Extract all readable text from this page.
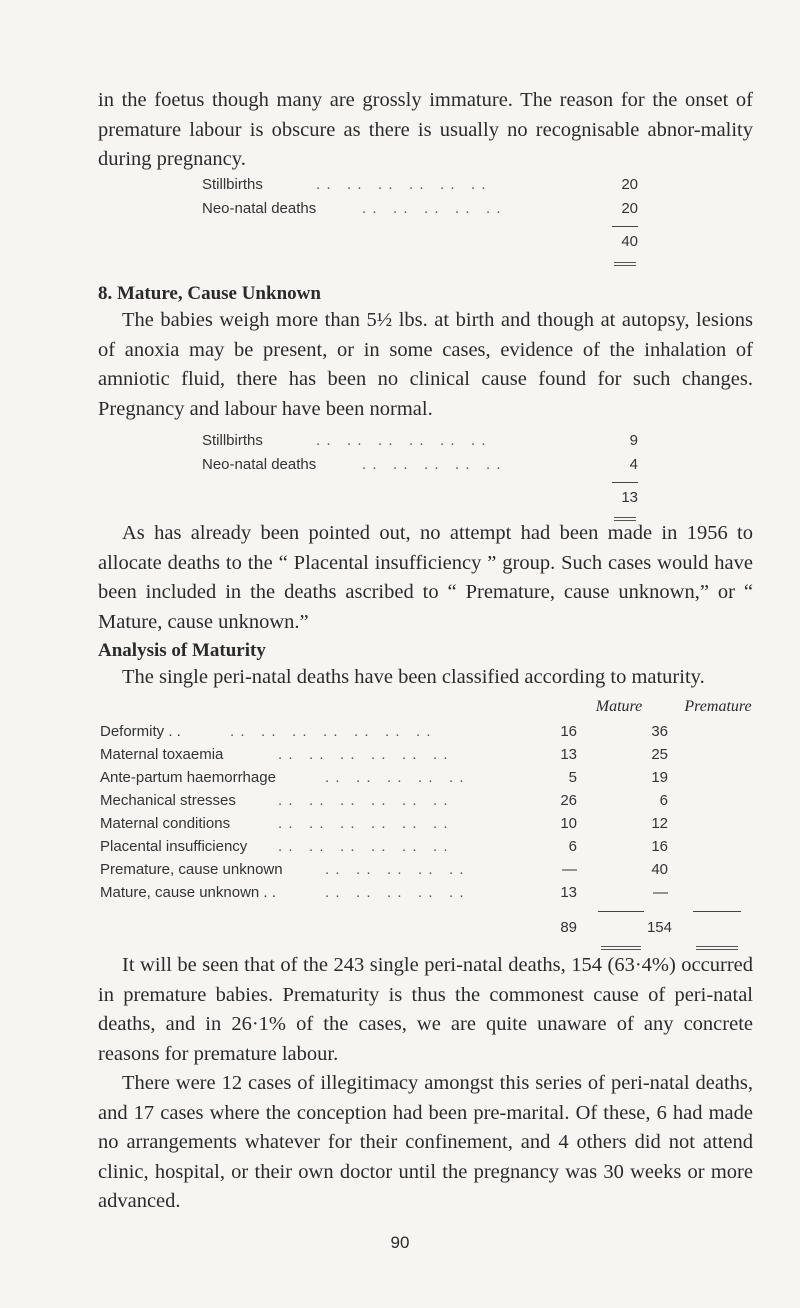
in the foetus though many are grossly immature. The reason for the onset of premature labour is obscure as there is usually no recognisable abnor-mality during pregnancy.

Stillbirths	. .   . .   . .   . .   . .   . .	20
Neo-natal deaths	. .   . .   . .   . .   . .	20
40
8. Mature, Cause Unknown

The babies weigh more than 5½ lbs. at birth and though at autopsy, lesions of anoxia may be present, or in some cases, evidence of the inhalation of amniotic fluid, there has been no clinical cause found for such changes. Pregnancy and labour have been normal.

Stillbirths	. .   . .   . .   . .   . .   . .	9
Neo-natal deaths	. .   . .   . .   . .   . .	4
13

As has already been pointed out, no attempt had been made in 1956 to allocate deaths to the “ Placental insufficiency ” group. Such cases would have been included in the deaths ascribed to “ Premature, cause unknown,” or “ Mature, cause unknown.”

Analysis of Maturity

The single peri-natal deaths have been classified according to maturity.

Mature	Premature
Deformity . .	. .   . .   . .   . .   . .   . .   . .	16	36
Maternal toxaemia	. .   . .   . .   . .   . .   . .	13	25
Ante-partum haemorrhage	. .   . .   . .   . .   . .	5	19
Mechanical stresses	. .   . .   . .   . .   . .   . .	26	6
Maternal conditions	. .   . .   . .   . .   . .   . .	10	12
Placental insufficiency . .   . .   . .   . .   . .   . .	6	16
Premature, cause unknown	. .   . .   . .   . .   . .	—	40
Mature, cause unknown . .	. .   . .   . .   . .   . .	13	—
89	154

It will be seen that of the 243 single peri-natal deaths, 154 (63·4%) occurred in premature babies. Prematurity is thus the commonest cause of peri-natal deaths, and in 26·1% of the cases, we are quite unaware of any concrete reasons for premature labour.

There were 12 cases of illegitimacy amongst this series of peri-natal deaths, and 17 cases where the conception had been pre-marital. Of these, 6 had made no arrangements whatever for their confinement, and 4 others did not attend clinic, hospital, or their own doctor until the pregnancy was 30 weeks or more advanced.

90
